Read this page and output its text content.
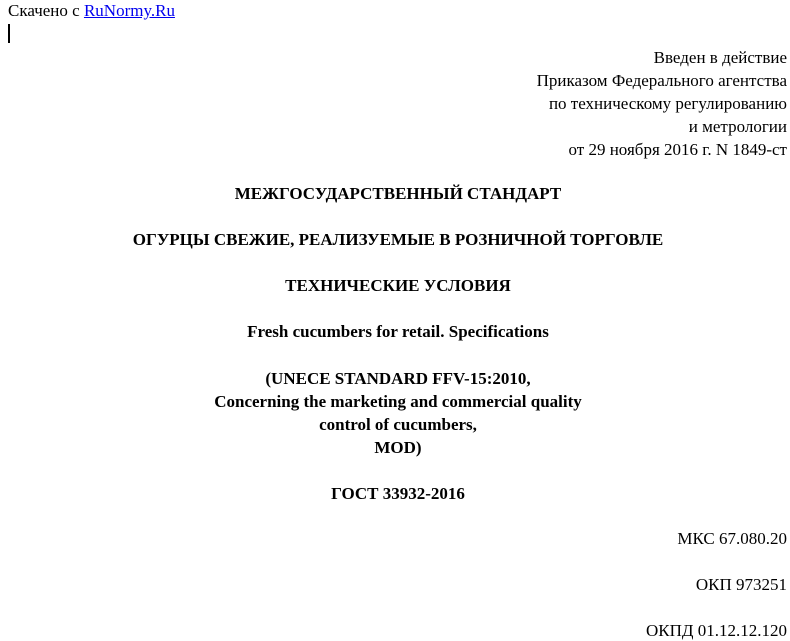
Скачено с RuNormy.Ru
Введен в действие
Приказом Федерального агентства
по техническому регулированию
и метрологии
от 29 ноября 2016 г. N 1849-ст
МЕЖГОСУДАРСТВЕННЫЙ СТАНДАРТ
ОГУРЦЫ СВЕЖИЕ, РЕАЛИЗУЕМЫЕ В РОЗНИЧНОЙ ТОРГОВЛЕ
ТЕХНИЧЕСКИЕ УСЛОВИЯ
Fresh cucumbers for retail. Specifications
(UNECE STANDARD FFV-15:2010,
Concerning the marketing and commercial quality
control of cucumbers,
MOD)
ГОСТ 33932-2016
МКС 67.080.20
ОКП 973251
ОКПД 01.12.12.120
